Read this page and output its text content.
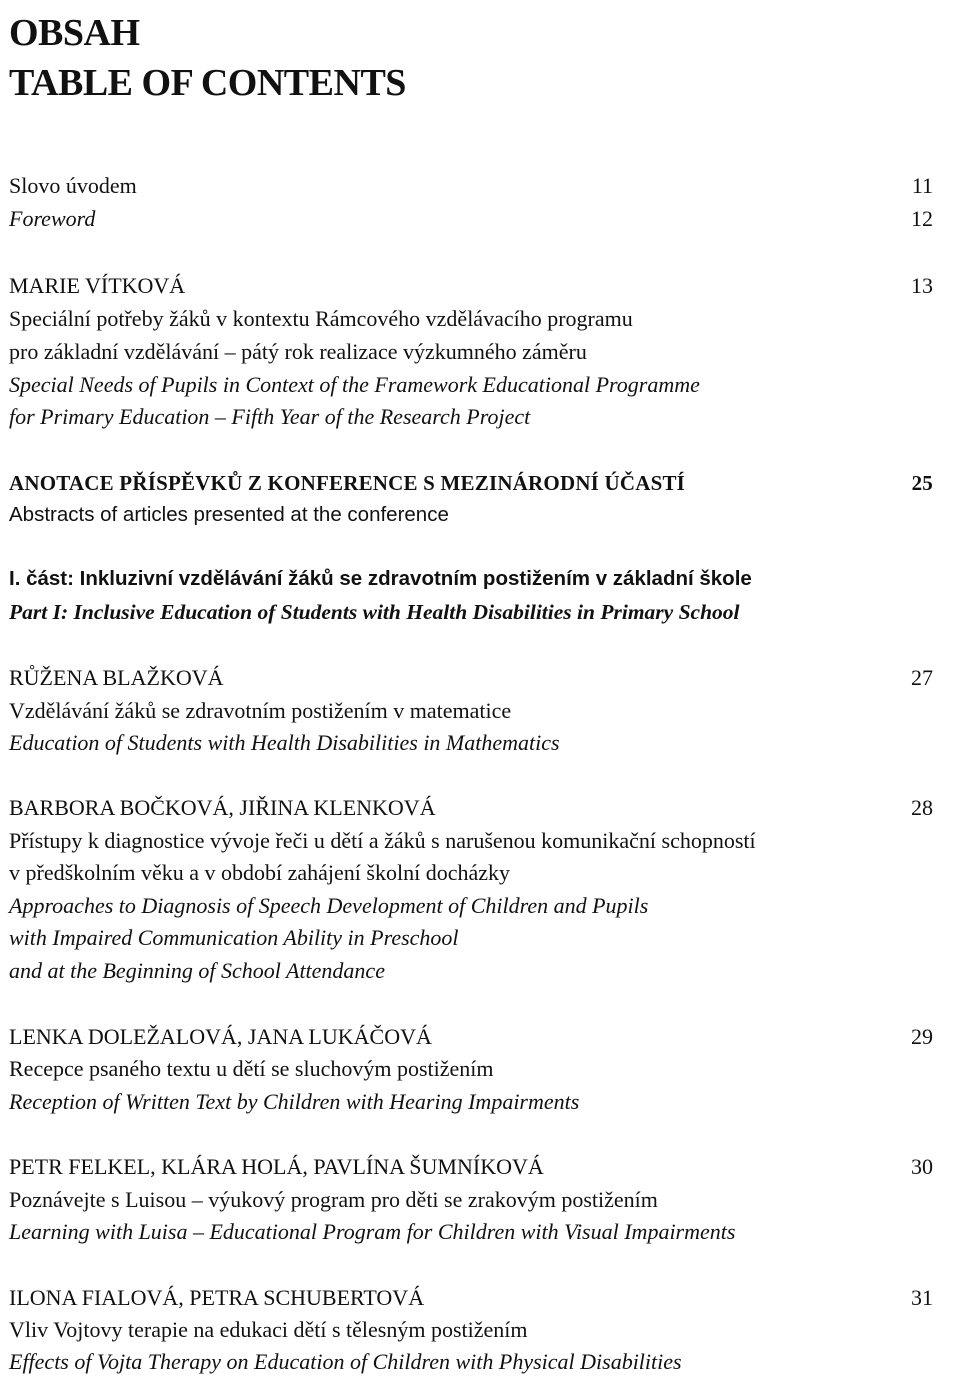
OBSAH
TABLE OF CONTENTS
Slovo úvodem	11
Foreword	12
MARIE VÍTKOVÁ	13
Speciální potřeby žáků v kontextu Rámcového vzdělávacího programu
pro základní vzdělávání – pátý rok realizace výzkumného záměru
Special Needs of Pupils in Context of the Framework Educational Programme
for Primary Education – Fifth Year of the Research Project
ANOTACE PŘÍSPĚVKŮ Z KONFERENCE S MEZINÁRODNÍ ÚČASTÍ	25
Abstracts of articles presented at the conference
I. část: Inkluzivní vzdělávání žáků se zdravotním postižením v základní škole
Part I: Inclusive Education of Students with Health Disabilities in Primary School
RŮŽENA BLAŽKOVÁ	27
Vzdělávání žáků se zdravotním postižením v matematice
Education of Students with Health Disabilities in Mathematics
BARBORA BOČKOVÁ, JIŘINA KLENKOVÁ	28
Přístupy k diagnostice vývoje řeči u dětí a žáků s narušenou komunikační schopností
v předškolním věku a v období zahájení školní docházky
Approaches to Diagnosis of Speech Development of Children and Pupils
with Impaired Communication Ability in Preschool
and at the Beginning of School Attendance
LENKA DOLEŽALOVÁ, JANA LUKÁČOVÁ	29
Recepce psaného textu u dětí se sluchovým postižením
Reception of Written Text by Children with Hearing Impairments
PETR FELKEL, KLÁRA HOLÁ, PAVLÍNA ŠUMNÍKOVÁ	30
Poznávejte s Luisou – výukový program pro děti se zrakovým postižením
Learning with Luisa – Educational Program for Children with Visual Impairments
ILONA FIALOVÁ, PETRA SCHUBERTOVÁ	31
Vliv Vojtovy terapie na edukaci dětí s tělesným postižením
Effects of Vojta Therapy on Education of Children with Physical Disabilities
